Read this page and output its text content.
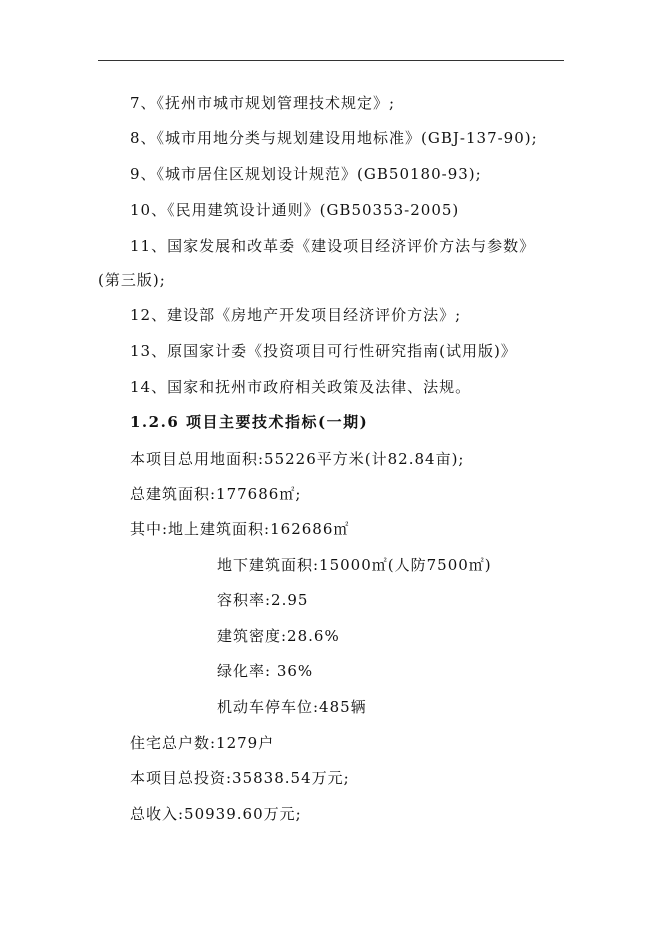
7、《抚州市城市规划管理技术规定》;
8、《城市用地分类与规划建设用地标准》(GBJ-137-90);
9、《城市居住区规划设计规范》(GB50180-93);
10、《民用建筑设计通则》(GB50353-2005)
11、国家发展和改革委《建设项目经济评价方法与参数》
(第三版);
12、建设部《房地产开发项目经济评价方法》;
13、原国家计委《投资项目可行性研究指南(试用版)》
14、国家和抚州市政府相关政策及法律、法规。
1.2.6 项目主要技术指标(一期)
本项目总用地面积:55226平方米(计82.84亩);
总建筑面积:177686㎡;
其中:地上建筑面积:162686㎡
地下建筑面积:15000㎡(人防7500㎡)
容积率:2.95
建筑密度:28.6%
绿化率: 36%
机动车停车位:485辆
住宅总户数:1279户
本项目总投资:35838.54万元;
总收入:50939.60万元;
